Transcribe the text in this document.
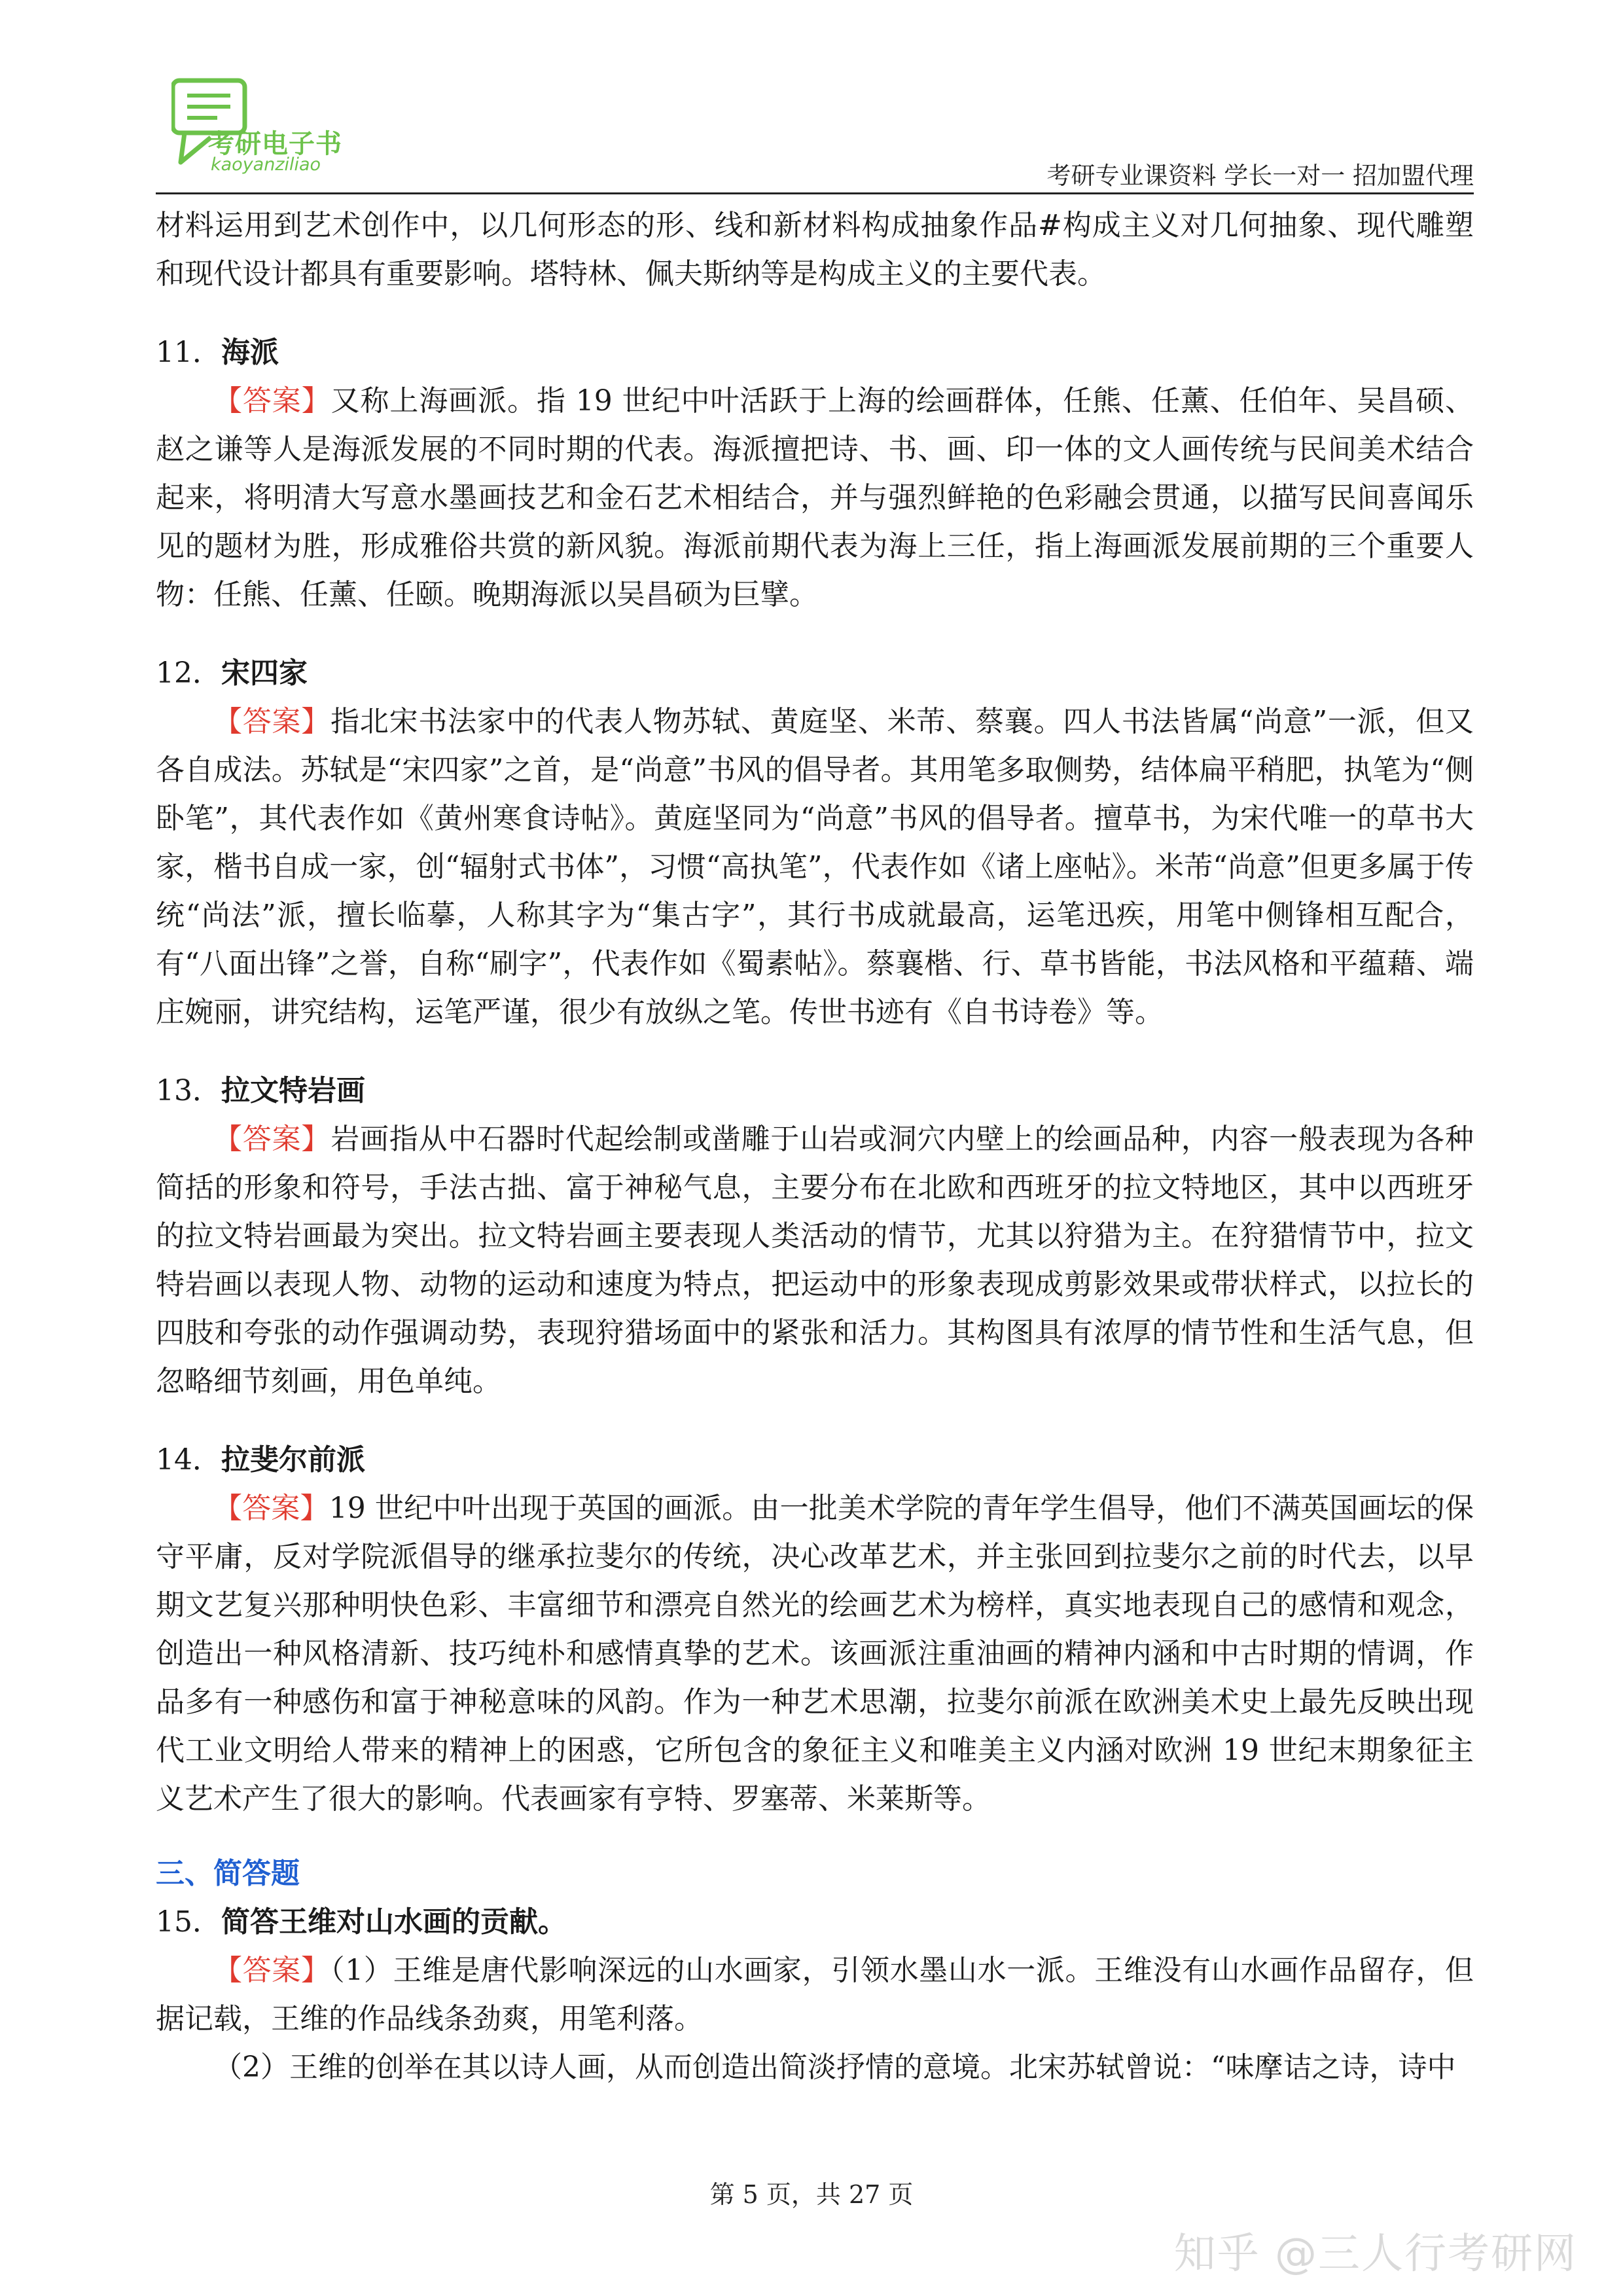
考研电子书
kaoyanziliao	考研专业课资料 学长一对一 招加盟代理

材料运用到艺术创作中，以几何形态的形、线和新材料构成抽象作品#构成主义对几何抽象、现代雕塑和现代设计都具有重要影响。塔特林、佩夫斯纳等是构成主义的主要代表。

11．海派

【答案】又称上海画派。指 19 世纪中叶活跃于上海的绘画群体，任熊、任薰、任伯年、吴昌硕、赵之谦等人是海派发展的不同时期的代表。海派擅把诗、书、画、印一体的文人画传统与民间美术结合起来，将明清大写意水墨画技艺和金石艺术相结合，并与强烈鲜艳的色彩融会贯通，以描写民间喜闻乐见的题材为胜，形成雅俗共赏的新风貌。海派前期代表为海上三任，指上海画派发展前期的三个重要人物：任熊、任薰、任颐。晚期海派以吴昌硕为巨擘。

12．宋四家

【答案】指北宋书法家中的代表人物苏轼、黄庭坚、米芾、蔡襄。四人书法皆属“尚意”一派，但又各自成法。苏轼是“宋四家”之首，是“尚意”书风的倡导者。其用笔多取侧势，结体扁平稍肥，执笔为“侧卧笔”，其代表作如《黄州寒食诗帖》。黄庭坚同为“尚意”书风的倡导者。擅草书，为宋代唯一的草书大家，楷书自成一家，创“辐射式书体”，习惯“高执笔”，代表作如《诸上座帖》。米芾“尚意”但更多属于传统“尚法”派，擅长临摹，人称其字为“集古字”，其行书成就最高，运笔迅疾，用笔中侧锋相互配合，有“八面出锋”之誉，自称“刷字”，代表作如《蜀素帖》。蔡襄楷、行、草书皆能，书法风格和平蕴藉、端庄婉丽，讲究结构，运笔严谨，很少有放纵之笔。传世书迹有《自书诗卷》等。

13．拉文特岩画

【答案】岩画指从中石器时代起绘制或凿雕于山岩或洞穴内壁上的绘画品种，内容一般表现为各种简括的形象和符号，手法古拙、富于神秘气息，主要分布在北欧和西班牙的拉文特地区，其中以西班牙的拉文特岩画最为突出。拉文特岩画主要表现人类活动的情节，尤其以狩猎为主。在狩猎情节中，拉文特岩画以表现人物、动物的运动和速度为特点，把运动中的形象表现成剪影效果或带状样式，以拉长的四肢和夸张的动作强调动势，表现狩猎场面中的紧张和活力。其构图具有浓厚的情节性和生活气息，但忽略细节刻画，用色单纯。

14．拉斐尔前派

【答案】19 世纪中叶出现于英国的画派。由一批美术学院的青年学生倡导，他们不满英国画坛的保守平庸，反对学院派倡导的继承拉斐尔的传统，决心改革艺术，并主张回到拉斐尔之前的时代去，以早期文艺复兴那种明快色彩、丰富细节和漂亮自然光的绘画艺术为榜样，真实地表现自己的感情和观念，创造出一种风格清新、技巧纯朴和感情真挚的艺术。该画派注重油画的精神内涵和中古时期的情调，作品多有一种感伤和富于神秘意味的风韵。作为一种艺术思潮，拉斐尔前派在欧洲美术史上最先反映出现代工业文明给人带来的精神上的困惑，它所包含的象征主义和唯美主义内涵对欧洲 19 世纪末期象征主义艺术产生了很大的影响。代表画家有亨特、罗塞蒂、米莱斯等。

三、简答题
15．简答王维对山水画的贡献。

【答案】（1）王维是唐代影响深远的山水画家，引领水墨山水一派。王维没有山水画作品留存，但据记载，王维的作品线条劲爽，用笔利落。

（2）王维的创举在其以诗人画，从而创造出简淡抒情的意境。北宋苏轼曾说：“味摩诘之诗，诗中

第 5 页，共 27 页
知乎 @三人行考研网
